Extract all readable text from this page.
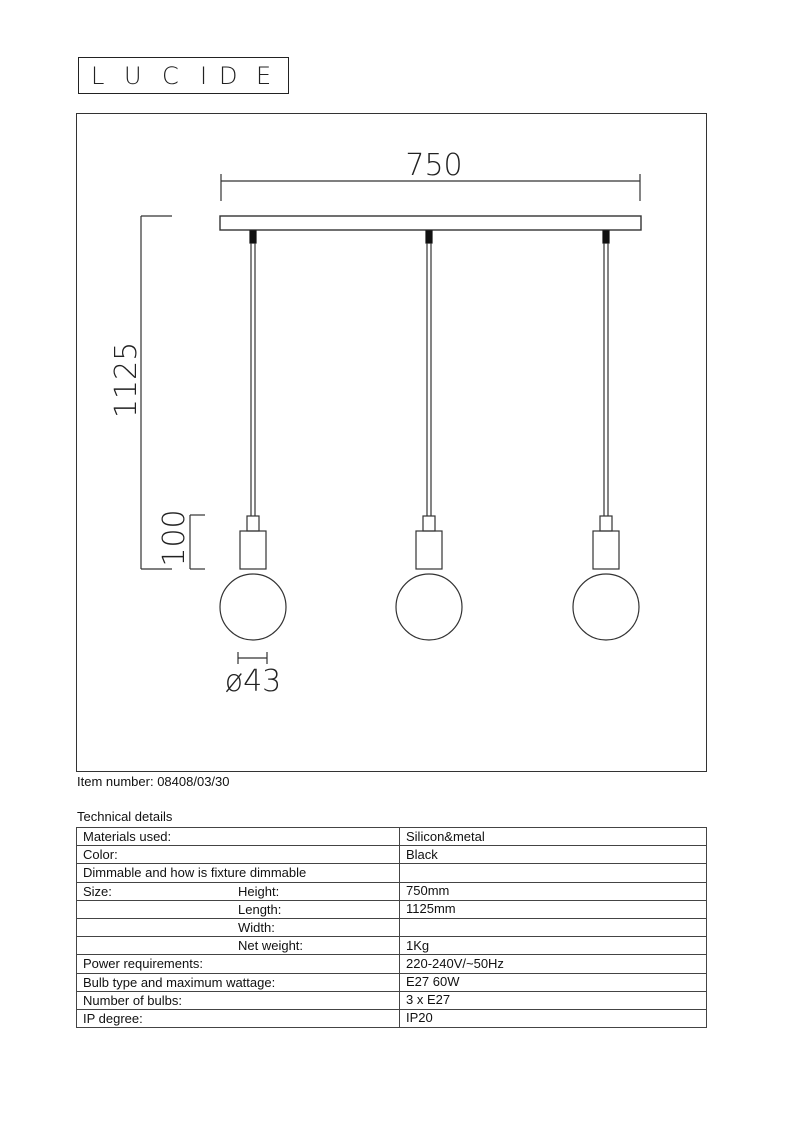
L U C I D E
750
1125
100
ø43
Item number: 08408/03/30
Technical details
Materials used:	Silicon&metal

Color:	Black

Dimmable and how is fixture dimmable	

Size: Height:	750mm

Length:	1125mm

Width:	

Net weight:	1Kg

Power requirements:	220-240V/~50Hz

Bulb type and maximum wattage:	E27 60W

Number of bulbs:	3 x E27

IP degree:	IP20
